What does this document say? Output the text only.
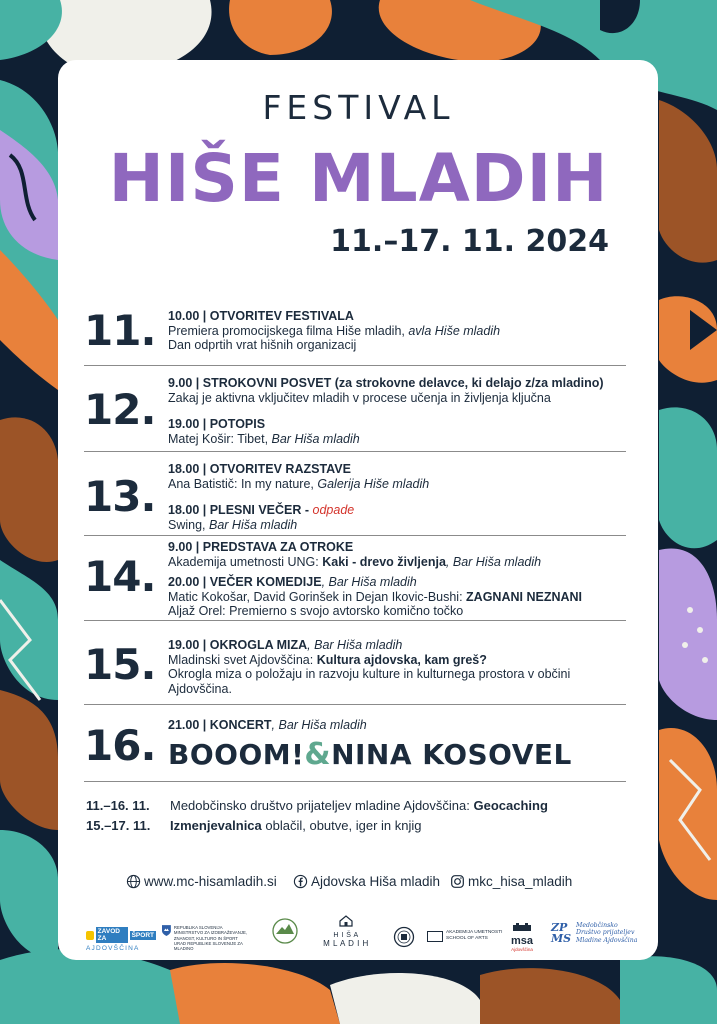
FESTIVAL
HIŠE MLADIH
11.–17. 11. 2024
11. 10.00 | OTVORITEV FESTIVALA
Premiera promocijskega filma Hiše mladih, avla Hiše mladih
Dan odprtih vrat hišnih organizacij
12.
9.00 | STROKOVNI POSVET (za strokovne delavce, ki delajo z/za mladino)
Zakaj je aktivna vključitev mladih v procese učenja in življenja ključna
19.00 | POTOPIS
Matej Košir: Tibet, Bar Hiša mladih
13.
18.00 | OTVORITEV RAZSTAVE
Ana Batistič: In my nature, Galerija Hiše mladih
18.00 | PLESNI VEČER - odpade
Swing, Bar Hiša mladih
14.
9.00 | PREDSTAVA ZA OTROKE
Akademija umetnosti UNG: Kaki - drevo življenja, Bar Hiša mladih
20.00 | VEČER KOMEDIJE, Bar Hiša mladih
Matic Kokošar, David Gorinšek in Dejan Ikovic-Bushi: ZAGNANI NEZNANI
Aljaž Orel: Premierno s svojo avtorsko komično točko
15. 19.00 | OKROGLA MIZA, Bar Hiša mladih
Mladinski svet Ajdovščina: Kultura ajdovska, kam greš?
Okrogla miza o položaju in razvoju kulture in kulturnega prostora v občini Ajdovščina.
16. 21.00 | KONCERT, Bar Hiša mladih
BOOOM!&NINA KOSOVEL
11.–16. 11. Medobčinsko društvo prijateljev mladine Ajdovščina: Geocaching
15.–17. 11. Izmenjevalnica oblačil, obutve, iger in knjig
www.mc-hisamladih.si	Ajdovska Hiša mladih mkc_hisa_mladih
ZAVOD ZA	ŠPORT
AJDOVŠČINA
REPUBLIKA SLOVENIJA
MINISTRSTVO ZA IZOBRAŽEVANJE,
ZNANOST, KULTURO IN ŠPORT
URAD REPUBLIKE SLOVENIJE ZA MLADINO
H I Š A
M L A D I H
AKADEMIJA UMETNOSTI
SCHOOL OF ARTS	msa
Ajdovščina
ZP MS
Medobčinsko
Društvo prijateljev
Mladine Ajdovščina
